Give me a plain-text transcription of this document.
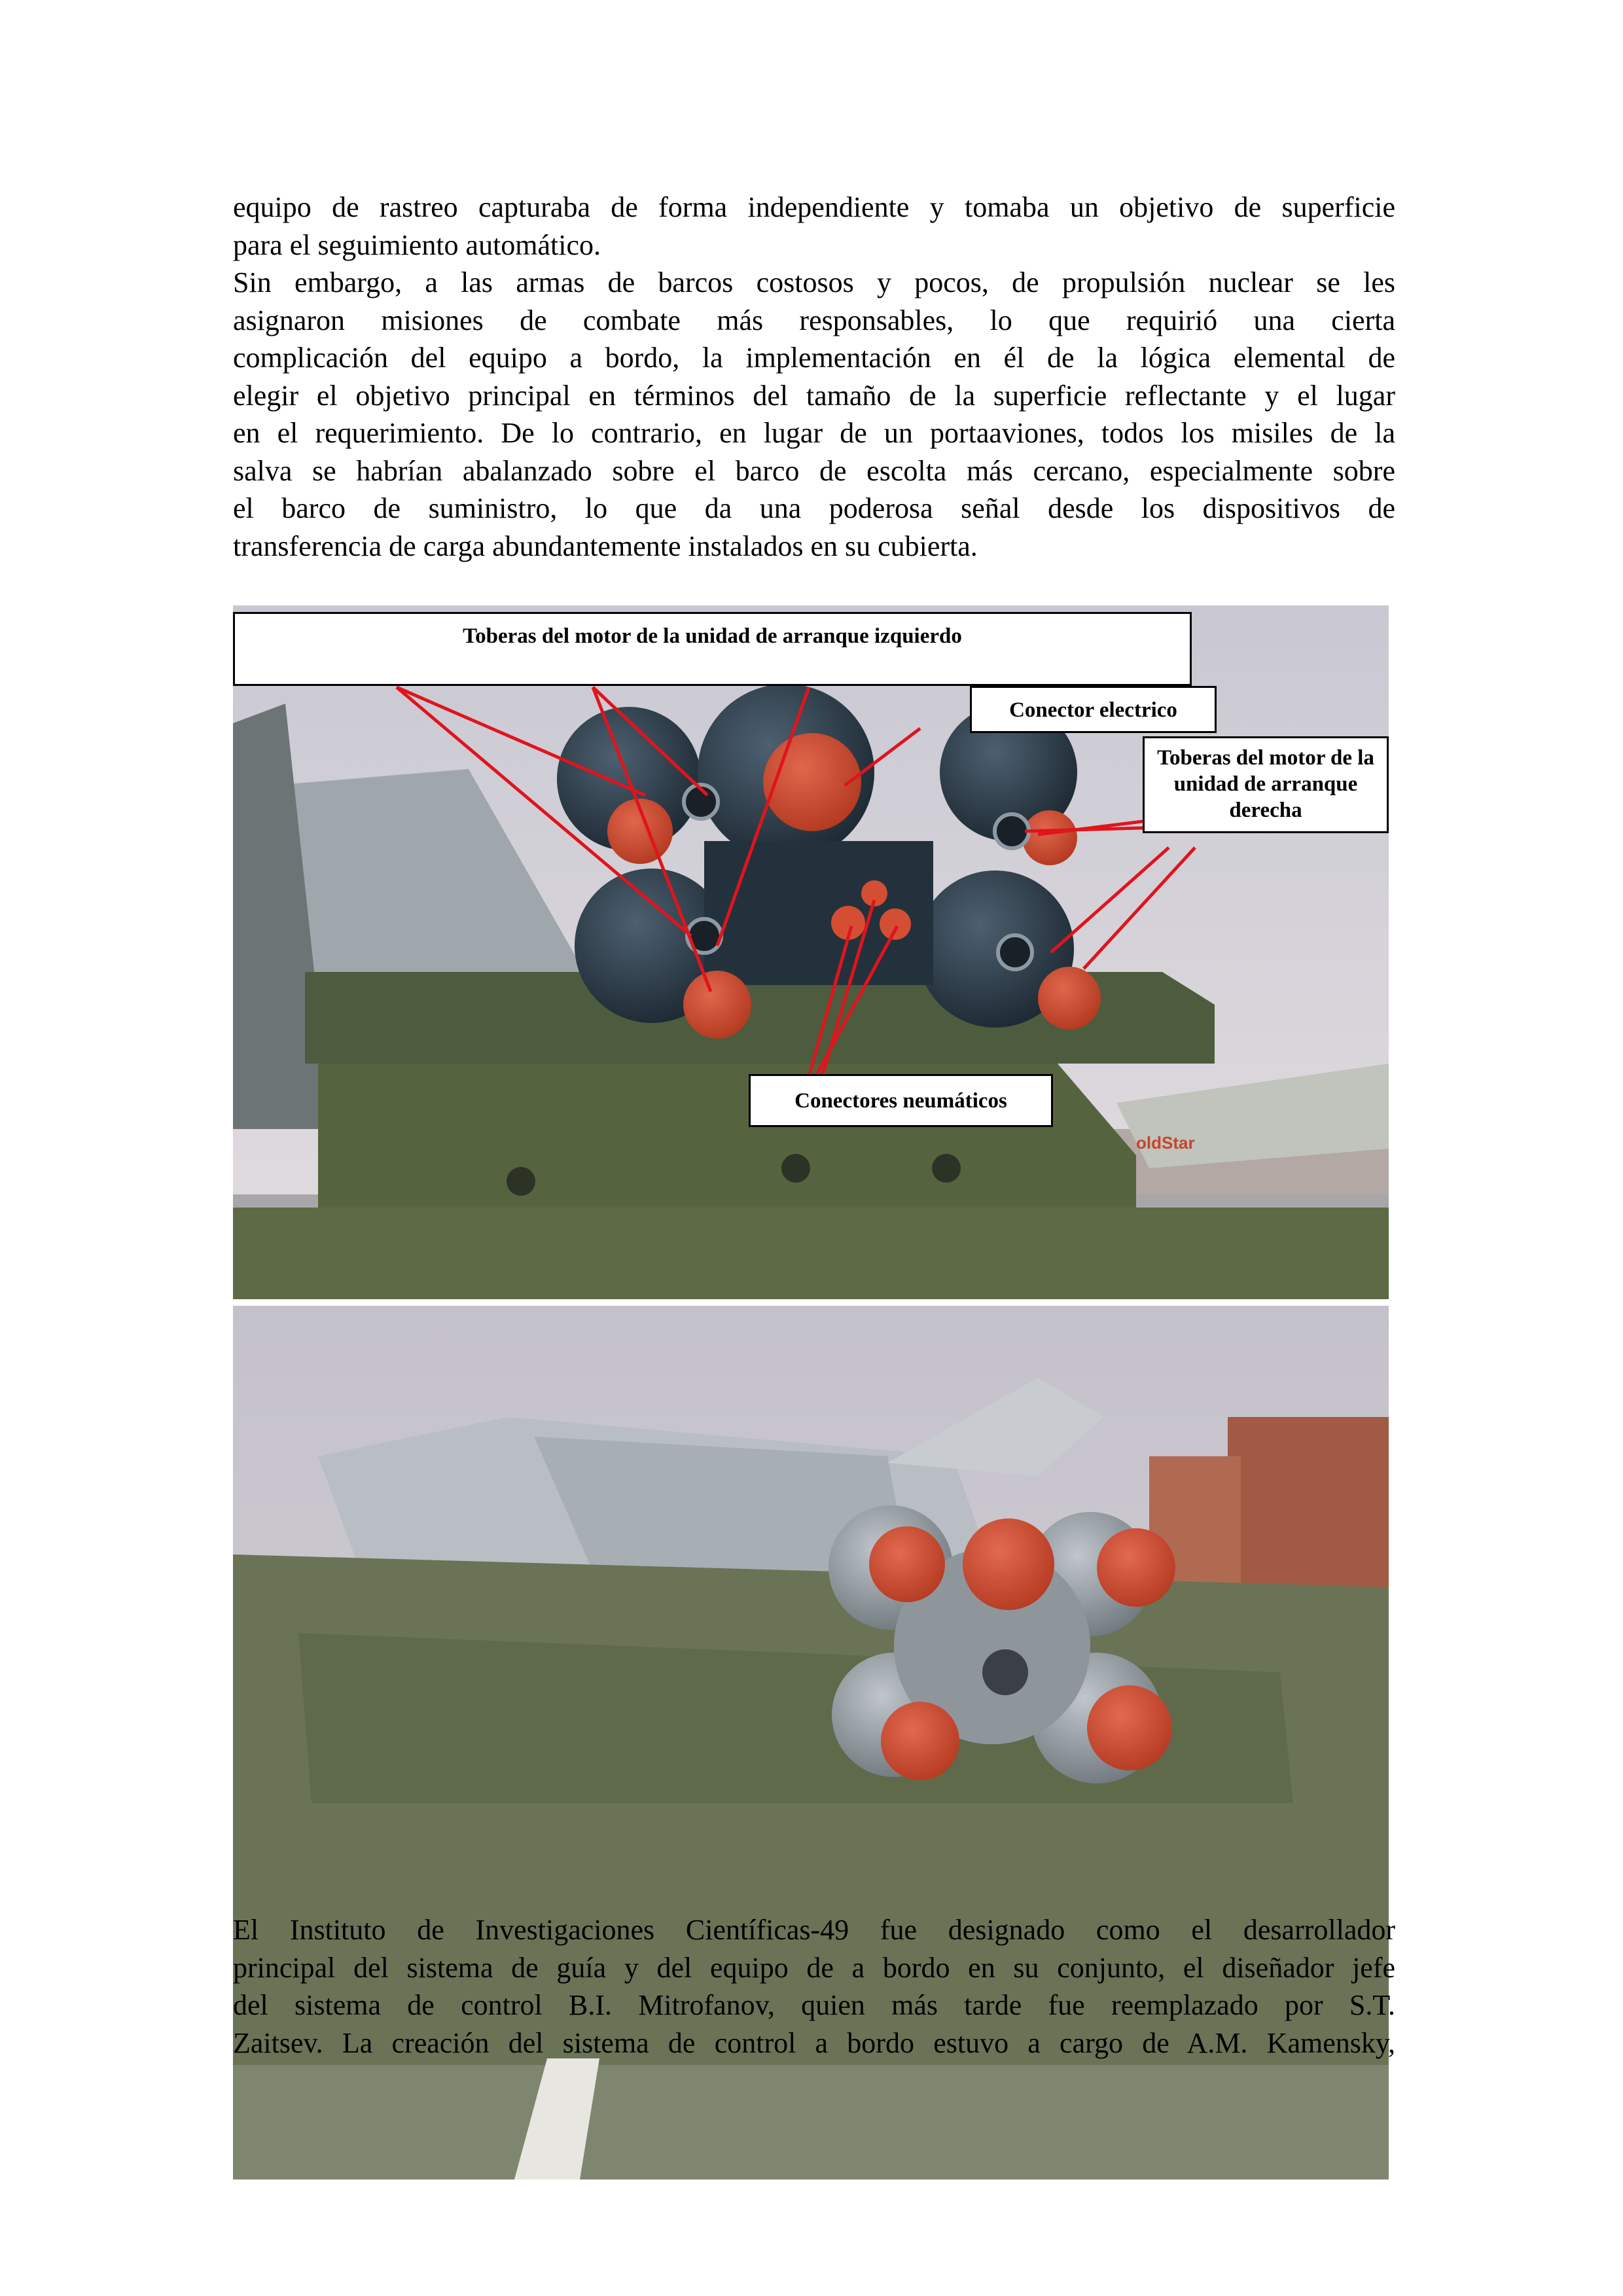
equipo de rastreo capturaba de forma independiente y tomaba un objetivo de superficie
para el seguimiento automático.
Sin embargo, a las armas de barcos costosos y pocos, de propulsión nuclear se les
asignaron misiones de combate más responsables, lo que requirió una cierta
complicación del equipo a bordo, la implementación en él de la lógica elemental de
elegir el objetivo principal en términos del tamaño de la superficie reflectante y el lugar
en el requerimiento. De lo contrario, en lugar de un portaaviones, todos los misiles de la
salva se habrían abalanzado sobre el barco de escolta más cercano, especialmente sobre
el barco de suministro, lo que da una poderosa señal desde los dispositivos de
transferencia de carga abundantemente instalados en su cubierta.
oldStar
Toberas del motor de la unidad de arranque izquierdo
Conector electrico
Toberas del motor de la unidad de arranque derecha
Conectores neumáticos
El Instituto de Investigaciones Científicas-49 fue designado como el desarrollador
principal del sistema de guía y del equipo de a bordo en su conjunto, el diseñador jefe
del sistema de control B.I. Mitrofanov, quien más tarde fue reemplazado por S.T.
Zaitsev. La creación del sistema de control a bordo estuvo a cargo de A.M. Kamensky,
